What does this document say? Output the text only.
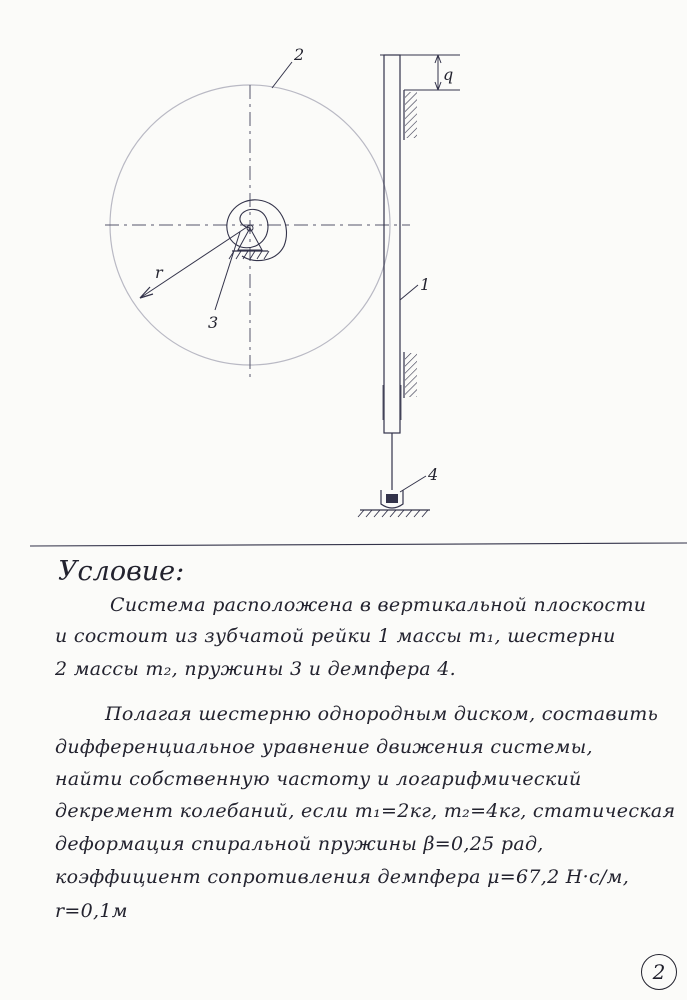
1
2
3
4
r
q
Условие:
Система расположена в вертикальной плоскости
и состоит из зубчатой рейки 1 массы m₁, шестерни
2 массы m₂, пружины 3 и демпфера 4.
Полагая шестерню однородным диском, составить
дифференциальное уравнение движения системы,
найти собственную частоту и логарифмический
декремент колебаний, если m₁=2кг, m₂=4кг, статическая
деформация спиральной пружины β=0,25 рад,
коэффициент сопротивления демпфера μ=67,2 Н·с/м,
r=0,1м
2
